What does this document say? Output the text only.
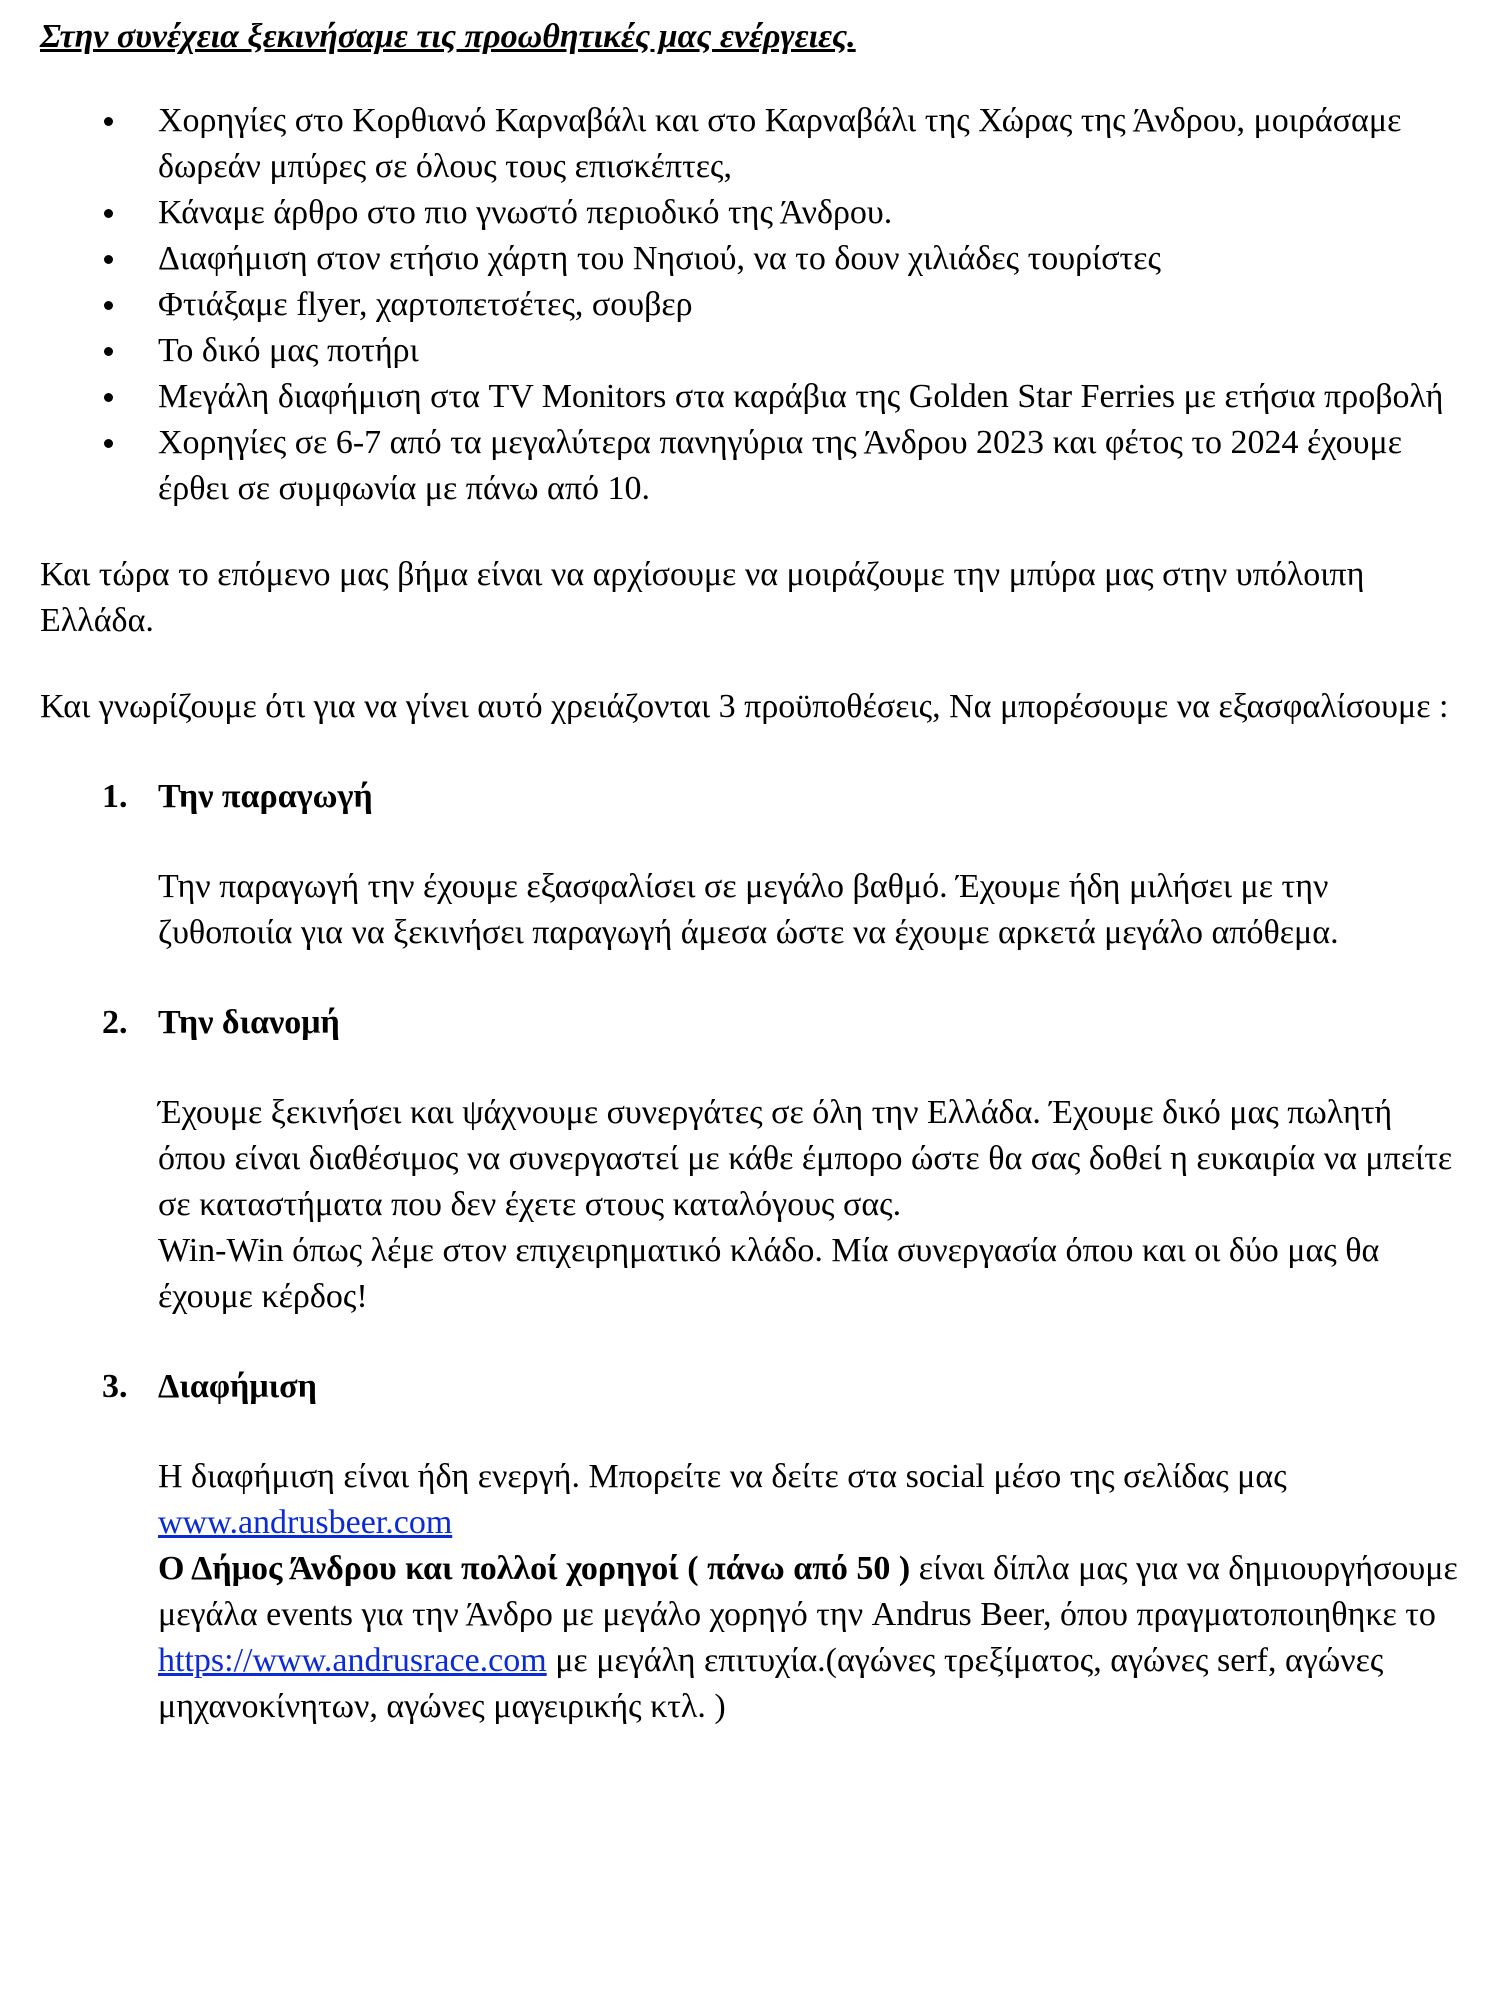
Στην συνέχεια ξεκινήσαμε τις προωθητικές μας ενέργειες.

Χορηγίες στο Κορθιανό Καρναβάλι και στο Καρναβάλι της Χώρας της Άνδρου, μοιράσαμε δωρεάν μπύρες σε όλους τους επισκέπτες,
Κάναμε άρθρο στο πιο γνωστό περιοδικό της Άνδρου.
Διαφήμιση στον ετήσιο χάρτη του Νησιού, να το δουν χιλιάδες τουρίστες
Φτιάξαμε flyer, χαρτοπετσέτες, σουβερ
Το δικό μας ποτήρι
Μεγάλη διαφήμιση στα TV Monitors στα καράβια της Golden Star Ferries με ετήσια προβολή
Χορηγίες σε 6-7 από τα μεγαλύτερα πανηγύρια της Άνδρου 2023 και φέτος το 2024 έχουμε έρθει σε συμφωνία με πάνω από 10.

Και τώρα το επόμενο μας βήμα είναι να αρχίσουμε να μοιράζουμε την μπύρα μας στην υπόλοιπη Ελλάδα.

Και γνωρίζουμε ότι για να γίνει αυτό χρειάζονται 3 προϋποθέσεις, Να μπορέσουμε να εξασφαλίσουμε :

1. Την παραγωγή
Την παραγωγή την έχουμε εξασφαλίσει σε μεγάλο βαθμό. Έχουμε ήδη μιλήσει με την ζυθοποιία για να ξεκινήσει παραγωγή άμεσα ώστε να έχουμε αρκετά μεγάλο απόθεμα.
2. Την διανομή
Έχουμε ξεκινήσει και ψάχνουμε συνεργάτες σε όλη την Ελλάδα. Έχουμε δικό μας πωλητή όπου είναι διαθέσιμος να συνεργαστεί με κάθε έμπορο ώστε θα σας δοθεί η ευκαιρία να μπείτε σε καταστήματα που δεν έχετε στους καταλόγους σας.
Win-Win όπως λέμε στον επιχειρηματικό κλάδο. Μία συνεργασία όπου και οι δύο μας θα έχουμε κέρδος!
3. Διαφήμιση
Η διαφήμιση είναι ήδη ενεργή. Μπορείτε να δείτε στα social μέσο της σελίδας μας www.andrusbeer.com
Ο Δήμος Άνδρου και πολλοί χορηγοί ( πάνω από 50 ) είναι δίπλα μας για να δημιουργήσουμε μεγάλα events για την Άνδρο με μεγάλο χορηγό την Andrus Beer, όπου πραγματοποιηθηκε το https://www.andrusrace.com με μεγάλη επιτυχία.(αγώνες τρεξίματος, αγώνες serf, αγώνες μηχανοκίνητων, αγώνες μαγειρικής κτλ. )
